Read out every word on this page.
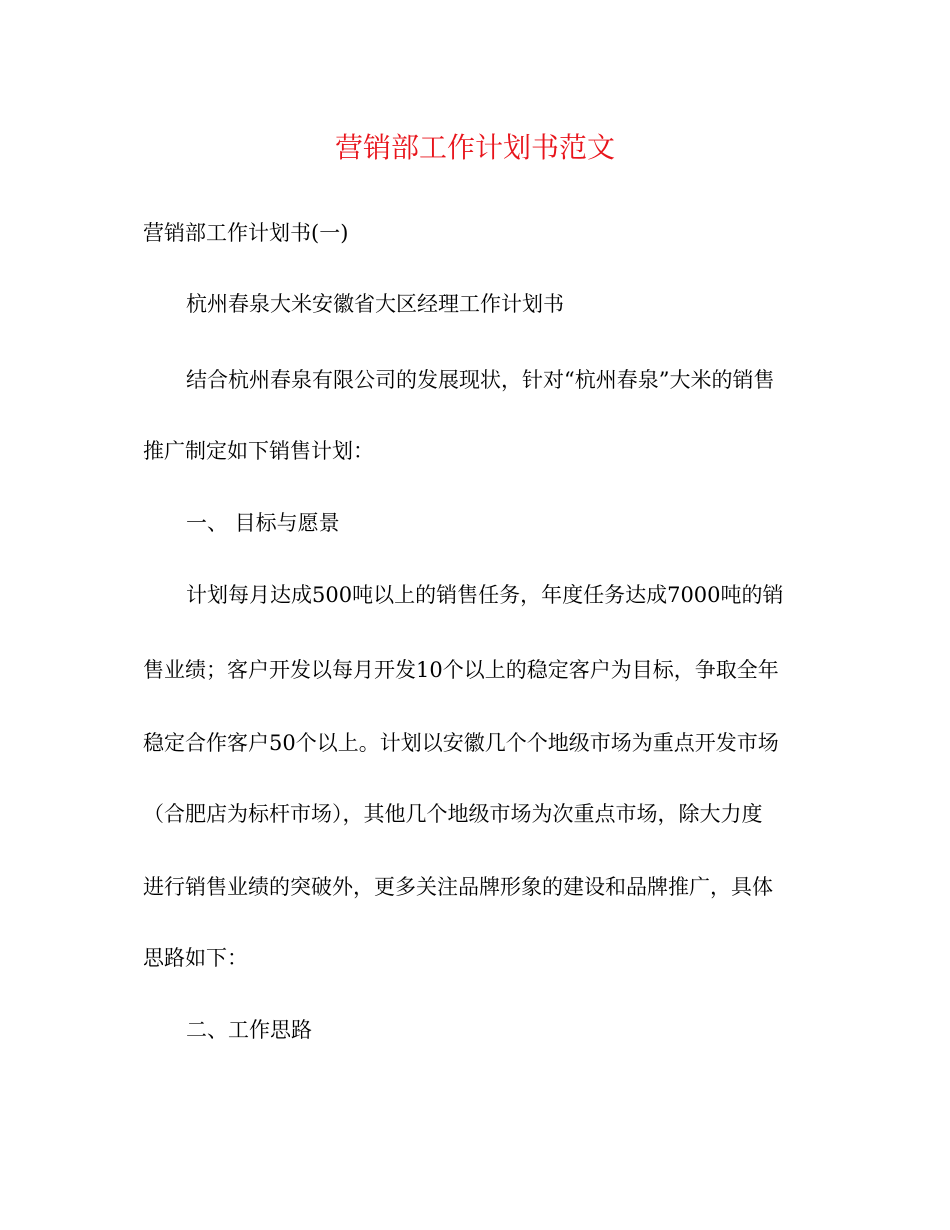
营销部工作计划书范文

营销部工作计划书(一)

杭州春泉大米安徽省大区经理工作计划书

结合杭州春泉有限公司的发展现状，针对“杭州春泉”大米的销售

推广制定如下销售计划：

一、 目标与愿景

计划每月达成500吨以上的销售任务，年度任务达成7000吨的销

售业绩；客户开发以每月开发10个以上的稳定客户为目标，争取全年

稳定合作客户50个以上。计划以安徽几个个地级市场为重点开发市场

（合肥店为标杆市场），其他几个地级市场为次重点市场，除大力度

进行销售业绩的突破外，更多关注品牌形象的建设和品牌推广，具体

思路如下：

二、工作思路
